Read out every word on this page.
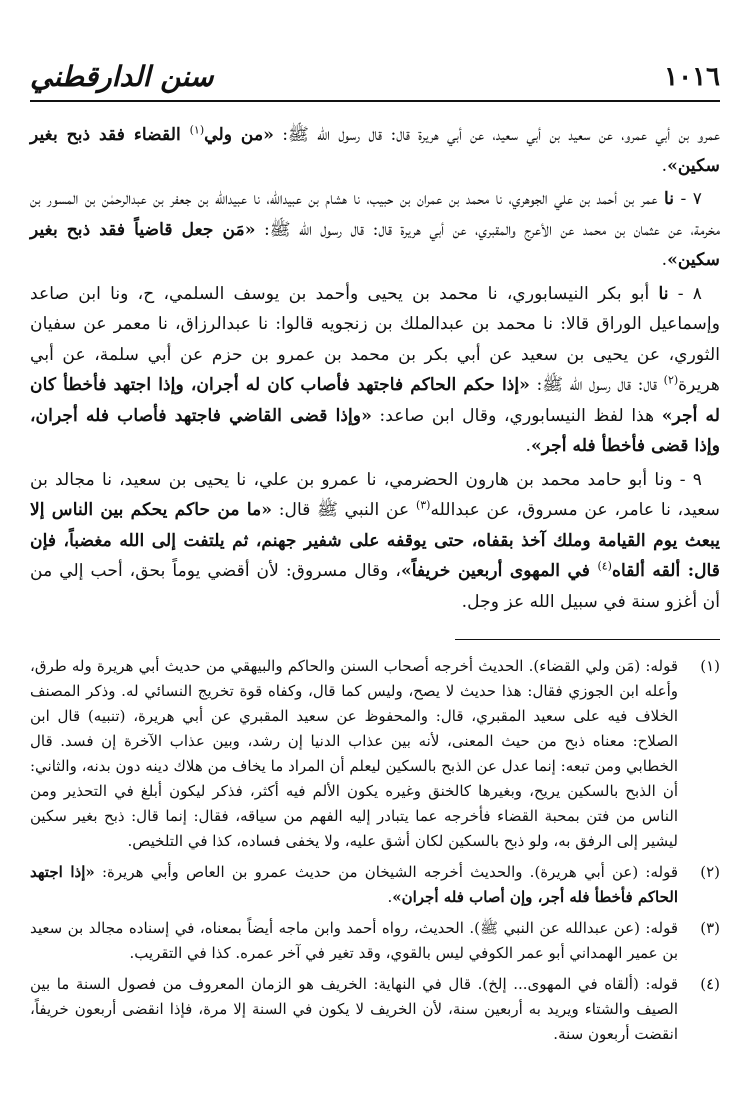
١٠١٦
سنن الدارقطني

عمرو بن أبي عمرو، عن سعيد بن أبي سعيد، عن أبي هريرة قال: قال رسول الله ﷺ: «من ولي$^{(١)}$ القضاء فقد ذبح بغير سكين».

٧ - نا عمر بن أحمد بن علي الجوهري، نا محمد بن عمران بن حبيب، نا هشام بن عبيدالله، نا عبيدالله بن جعفر بن عبدالرحمٰن بن المسور بن مخرمة، عن عثمان بن محمد عن الأعرج والمقبري، عن أبي هريرة قال: قال رسول الله ﷺ: «مَن جعل قاضياً فقد ذبح بغير سكين».

٨ - نا أبو بكر النيسابوري، نا محمد بن يحيى وأحمد بن يوسف السلمي، ح، ونا ابن صاعد وإسماعيل الوراق قالا: نا محمد بن عبدالملك بن زنجويه قالوا: نا عبدالرزاق، نا معمر عن سفيان الثوري، عن يحيى بن سعيد عن أبي بكر بن محمد بن عمرو بن حزم عن أبي سلمة، عن أبي هريرة$^{(٢)}$ قال: قال رسول الله ﷺ: «إذا حكم الحاكم فاجتهد فأصاب كان له أجران، وإذا اجتهد فأخطأ كان له أجر» هذا لفظ النيسابوري، وقال ابن صاعد: «وإذا قضى القاضي فاجتهد فأصاب فله أجران، وإذا قضى فأخطأ فله أجر».

٩ - ونا أبو حامد محمد بن هارون الحضرمي، نا عمرو بن علي، نا يحيى بن سعيد، نا مجالد بن سعيد، نا عامر، عن مسروق، عن عبدالله$^{(٣)}$ عن النبي ﷺ قال: «ما من حاكم يحكم بين الناس إلا يبعث يوم القيامة وملك آخذ بقفاه، حتى يوقفه على شفير جهنم، ثم يلتفت إلى الله مغضباً، فإن قال: ألقه ألقاه$^{(٤)}$ في المهوى أربعين خريفاً»، وقال مسروق: لأن أقضي يوماً بحق، أحب إلي من أن أغزو سنة في سبيل الله عز وجل.

(١)
قوله: (مَن ولي القضاء). الحديث أخرجه أصحاب السنن والحاكم والبيهقي من حديث أبي هريرة وله طرق، وأعله ابن الجوزي فقال: هذا حديث لا يصح، وليس كما قال، وكفاه قوة تخريج النسائي له. وذكر المصنف الخلاف فيه على سعيد المقبري، قال: والمحفوظ عن سعيد المقبري عن أبي هريرة، (تنبيه) قال ابن الصلاح: معناه ذبح من حيث المعنى، لأنه بين عذاب الدنيا إن رشد، وبين عذاب الآخرة إن فسد. قال الخطابي ومن تبعه: إنما عدل عن الذبح بالسكين ليعلم أن المراد ما يخاف من هلاك دينه دون بدنه، والثاني: أن الذبح بالسكين يريح، وبغيرها كالخنق وغيره يكون الألم فيه أكثر، فذكر ليكون أبلغ في التحذير ومن الناس من فتن بمحبة القضاء فأخرجه عما يتبادر إليه الفهم من سياقه، فقال: إنما قال: ذبح بغير سكين ليشير إلى الرفق به، ولو ذبح بالسكين لكان أشق عليه، ولا يخفى فساده، كذا في التلخيص.
(٢)
قوله: (عن أبي هريرة). والحديث أخرجه الشيخان من حديث عمرو بن العاص وأبي هريرة: «إذا اجتهد الحاكم فأخطأ فله أجر، وإن أصاب فله أجران».
(٣)
قوله: (عن عبدالله عن النبي ﷺ). الحديث، رواه أحمد وابن ماجه أيضاً بمعناه، في إسناده مجالد بن سعيد بن عمير الهمداني أبو عمر الكوفي ليس بالقوي، وقد تغير في آخر عمره. كذا في التقريب.
(٤)
قوله: (ألقاه في المهوى... إلخ). قال في النهاية: الخريف هو الزمان المعروف من فصول السنة ما بين الصيف والشتاء ويريد به أربعين سنة، لأن الخريف لا يكون في السنة إلا مرة، فإذا انقضى أربعون خريفاً، انقضت أربعون سنة.
